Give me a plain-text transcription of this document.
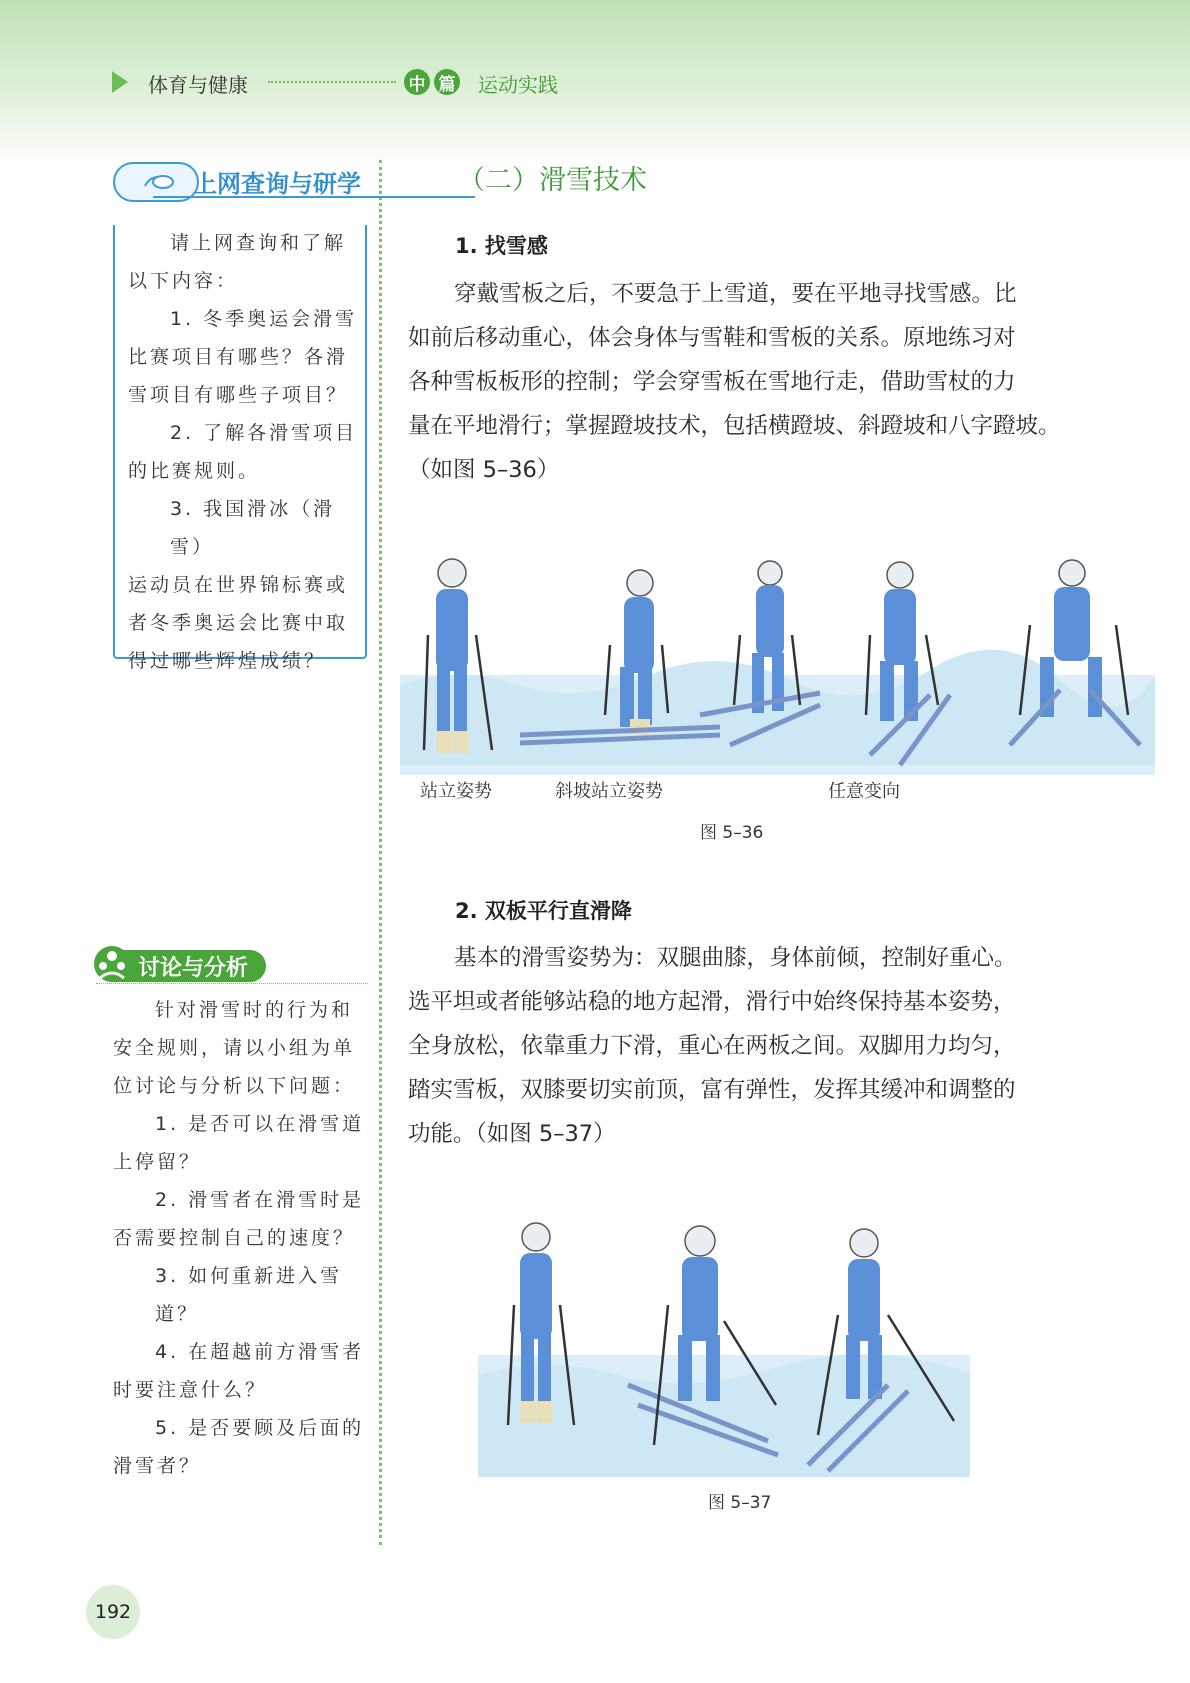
体育与健康	中 篇 运动实践
上网查询与研学
请上网查询和了解
以下内容：
1. 冬季奥运会滑雪
比赛项目有哪些？各滑
雪项目有哪些子项目？
2. 了解各滑雪项目
的比赛规则。
3. 我国滑冰（滑雪）
运动员在世界锦标赛或
者冬季奥运会比赛中取
得过哪些辉煌成绩？
讨论与分析
针对滑雪时的行为和
安全规则，请以小组为单
位讨论与分析以下问题：
1. 是否可以在滑雪道
上停留？
2. 滑雪者在滑雪时是
否需要控制自己的速度？
3. 如何重新进入雪道？
4. 在超越前方滑雪者
时要注意什么？
5. 是否要顾及后面的
滑雪者？
（二）滑雪技术
1. 找雪感
穿戴雪板之后，不要急于上雪道，要在平地寻找雪感。比
如前后移动重心，体会身体与雪鞋和雪板的关系。原地练习对
各种雪板板形的控制；学会穿雪板在雪地行走，借助雪杖的力
量在平地滑行；掌握蹬坡技术，包括横蹬坡、斜蹬坡和八字蹬坡。
（如图 5–36）
站立姿势	斜坡站立姿势	任意变向
图 5–36
2. 双板平行直滑降
基本的滑雪姿势为：双腿曲膝，身体前倾，控制好重心。
选平坦或者能够站稳的地方起滑，滑行中始终保持基本姿势，
全身放松，依靠重力下滑，重心在两板之间。双脚用力均匀，
踏实雪板，双膝要切实前顶，富有弹性，发挥其缓冲和调整的
功能。（如图 5–37）
图 5–37
192
